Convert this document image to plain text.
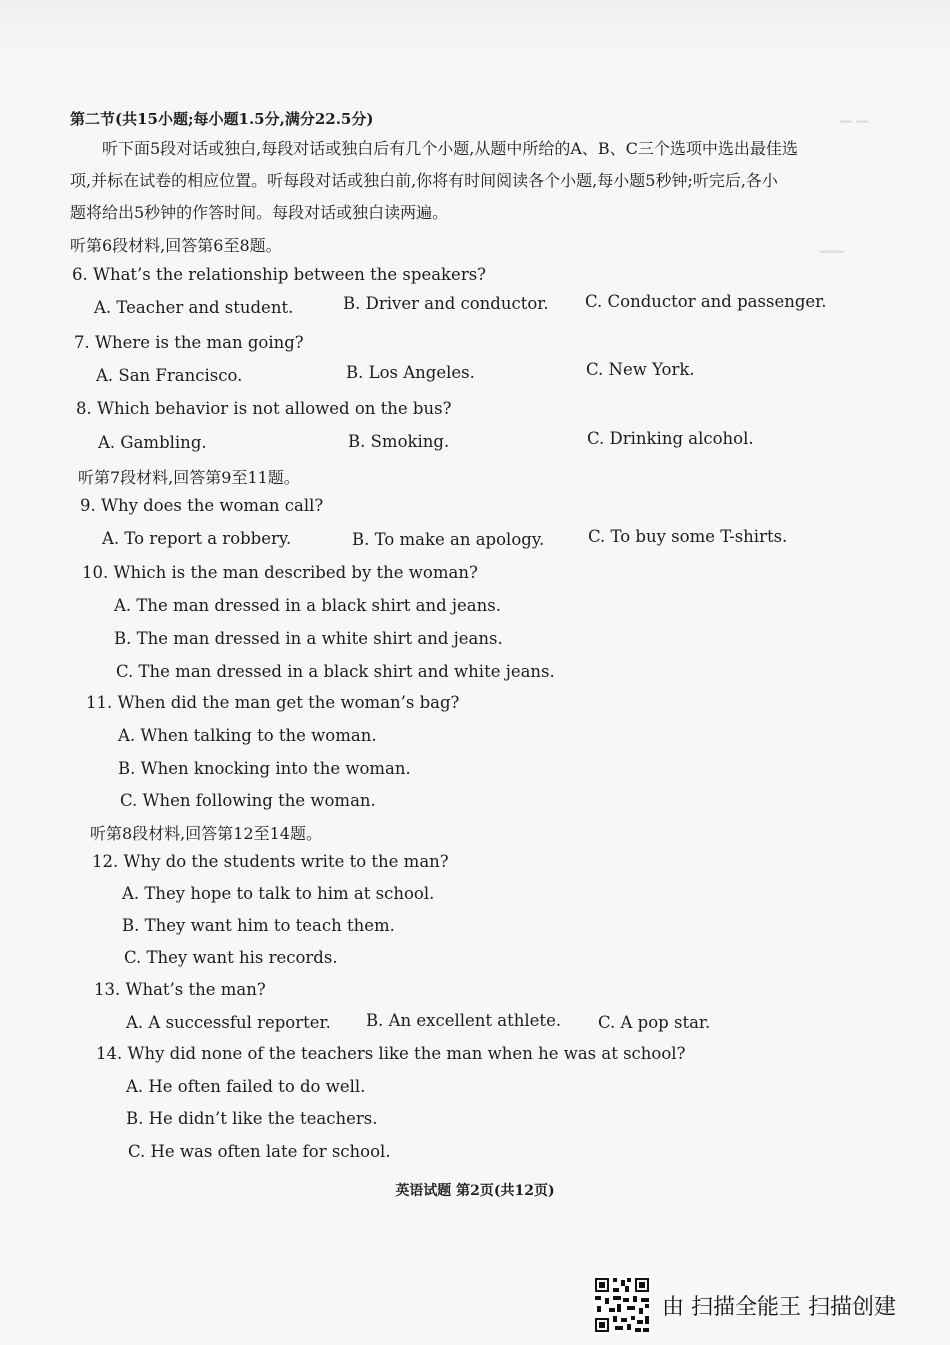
▁ ▁
▁▁
第二节(共15小题;每小题1.5分,满分22.5分)
听下面5段对话或独白,每段对话或独白后有几个小题,从题中所给的A、B、C三个选项中选出最佳选
项,并标在试卷的相应位置。听每段对话或独白前,你将有时间阅读各个小题,每小题5秒钟;听完后,各小
题将给出5秒钟的作答时间。每段对话或独白读两遍。
听第6段材料,回答第6至8题。
6. What’s the relationship between the speakers?
A. Teacher and student.	B. Driver and conductor. C. Conductor and passenger.
7. Where is the man going?
A. San Francisco.	B. Los Angeles.	C. New York.
8. Which behavior is not allowed on the bus?
A. Gambling.	B. Smoking.	C. Drinking alcohol.
听第7段材料,回答第9至11题。
9. Why does the woman call?
A. To report a robbery.	B. To make an apology.	C. To buy some T-shirts.
10. Which is the man described by the woman?
A. The man dressed in a black shirt and jeans.
B. The man dressed in a white shirt and jeans.
C. The man dressed in a black shirt and white jeans.
11. When did the man get the woman’s bag?
A. When talking to the woman.
B. When knocking into the woman.
C. When following the woman.
听第8段材料,回答第12至14题。
12. Why do the students write to the man?
A. They hope to talk to him at school.
B. They want him to teach them.
C. They want his records.
13. What’s the man?
A. A successful reporter. B. An excellent athlete. C. A pop star.
14. Why did none of the teachers like the man when he was at school?
A. He often failed to do well.
B. He didn’t like the teachers.
C. He was often late for school.
英语试题 第2页(共12页)
由 扫描全能王 扫描创建
